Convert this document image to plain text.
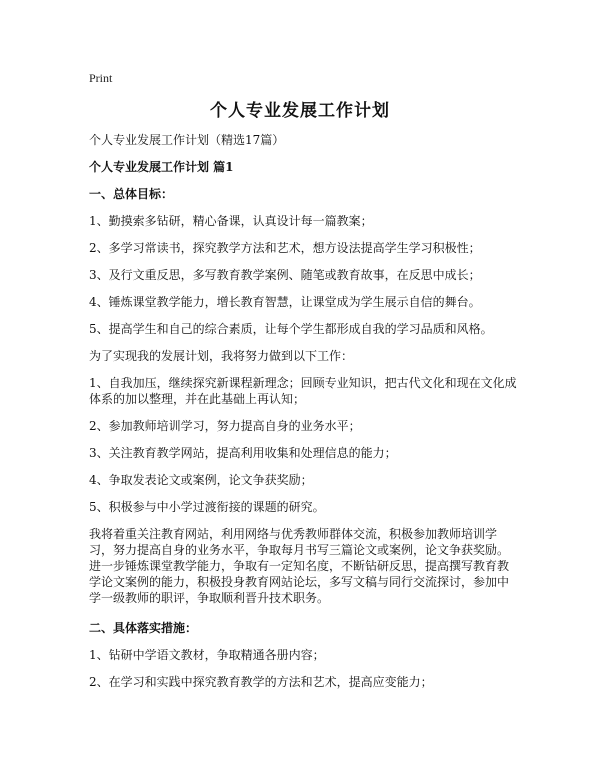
Print
个人专业发展工作计划

个人专业发展工作计划（精选17篇）

个人专业发展工作计划 篇1

一、总体目标：

1、勤摸索多钻研，精心备课，认真设计每一篇教案；

2、多学习常读书，探究教学方法和艺术，想方设法提高学生学习积极性；

3、及行文重反思，多写教育教学案例、随笔或教育故事，在反思中成长；

4、锤炼课堂教学能力，增长教育智慧，让课堂成为学生展示自信的舞台。

5、提高学生和自己的综合素质，让每个学生都形成自我的学习品质和风格。

为了实现我的发展计划，我将努力做到以下工作：

1、自我加压，继续探究新课程新理念；回顾专业知识，把古代文化和现在文化成体系的加以整理，并在此基础上再认知；

2、参加教师培训学习，努力提高自身的业务水平；

3、关注教育教学网站，提高利用收集和处理信息的能力；

4、争取发表论文或案例，论文争获奖励；

5、积极参与中小学过渡衔接的课题的研究。

我将着重关注教育网站，利用网络与优秀教师群体交流，积极参加教师培训学习，努力提高自身的业务水平，争取每月书写三篇论文或案例，论文争获奖励。进一步锤炼课堂教学能力，争取有一定知名度，不断钻研反思，提高撰写教育教学论文案例的能力，积极投身教育网站论坛，多写文稿与同行交流探讨，参加中学一级教师的职评，争取顺利晋升技术职务。

二、具体落实措施：

1、钻研中学语文教材，争取精通各册内容；

2、在学习和实践中探究教育教学的方法和艺术，提高应变能力；
